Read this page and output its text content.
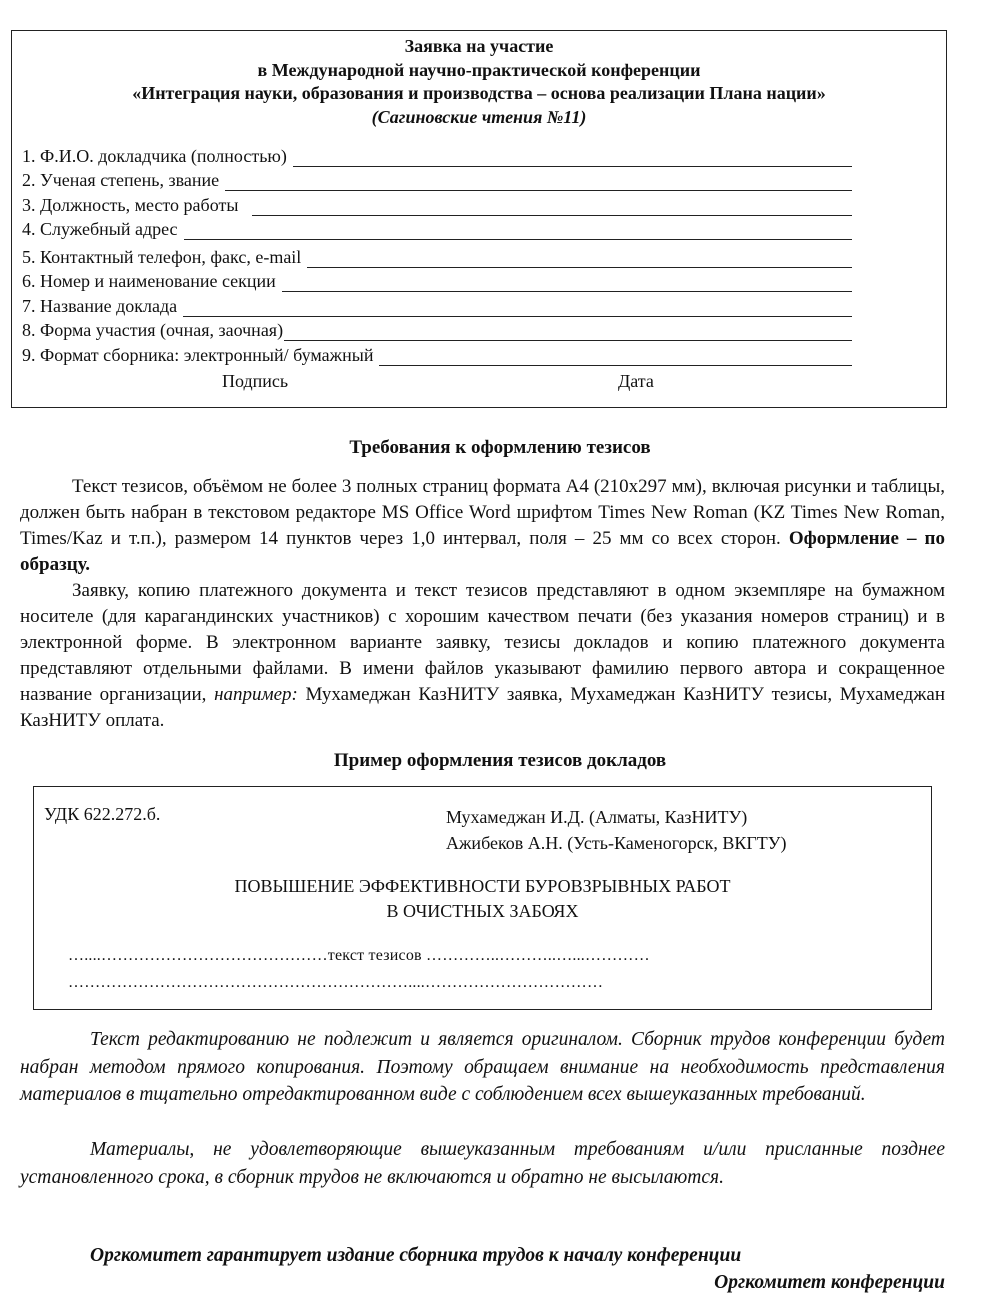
Заявка на участие
в Международной научно-практической конференции
«Интеграция науки, образования и производства – основа реализации Плана нации»
(Сагиновские чтения №11)
1. Ф.И.О. докладчика (полностью)
2. Ученая степень, звание
3. Должность, место работы
4. Служебный адрес
5. Контактный телефон, факс, e-mail
6. Номер и наименование секции
7. Название доклада
8. Форма участия (очная, заочная)
9. Формат сборника: электронный/ бумажный
Подпись	Дата
Требования к оформлению тезисов

Текст тезисов, объёмом не более 3 полных страниц формата А4 (210х297 мм), включая рисунки и таблицы, должен быть набран в текстовом редакторе MS Office Word шрифтом Times New Roman (KZ Times New Roman, Times/Kaz и т.п.), размером 14 пунктов через 1,0 интервал, поля – 25 мм со всех сторон. Оформление – по образцу.

Заявку, копию платежного документа и текст тезисов представляют в одном экземпляре на бумажном носителе (для карагандинских участников) с хорошим качеством печати (без указания номеров страниц) и в электронной форме. В электронном варианте заявку, тезисы докладов и копию платежного документа представляют отдельными файлами. В имени файлов указывают фамилию первого автора и сокращенное название организации, например: Мухамеджан КазНИТУ заявка, Мухамеджан КазНИТУ тезисы, Мухамеджан КазНИТУ оплата.

Пример оформления тезисов докладов
УДК 622.272.б.	Мухамеджан И.Д. (Алматы, КазНИТУ)
Ажибеков А.Н. (Усть-Каменогорск, ВКГТУ)
ПОВЫШЕНИЕ ЭФФЕКТИВНОСТИ БУРОВЗРЫВНЫХ РАБОТ
В ОЧИСТНЫХ ЗАБОЯХ
…....……………………………………текст тезисов …………..………..…...…………
………………………………………………………....……………………………

Текст редактированию не подлежит и является оригиналом. Сборник трудов конференции будет набран методом прямого копирования. Поэтому обращаем внимание на необходимость представления материалов в тщательно отредактированном виде с соблюдением всех вышеуказанных требований.

Материалы, не удовлетворяющие вышеуказанным требованиям и/или присланные позднее установленного срока, в сборник трудов не включаются и обратно не высылаются.

Оргкомитет гарантирует издание сборника трудов к началу конференции
Оргкомитет конференции
